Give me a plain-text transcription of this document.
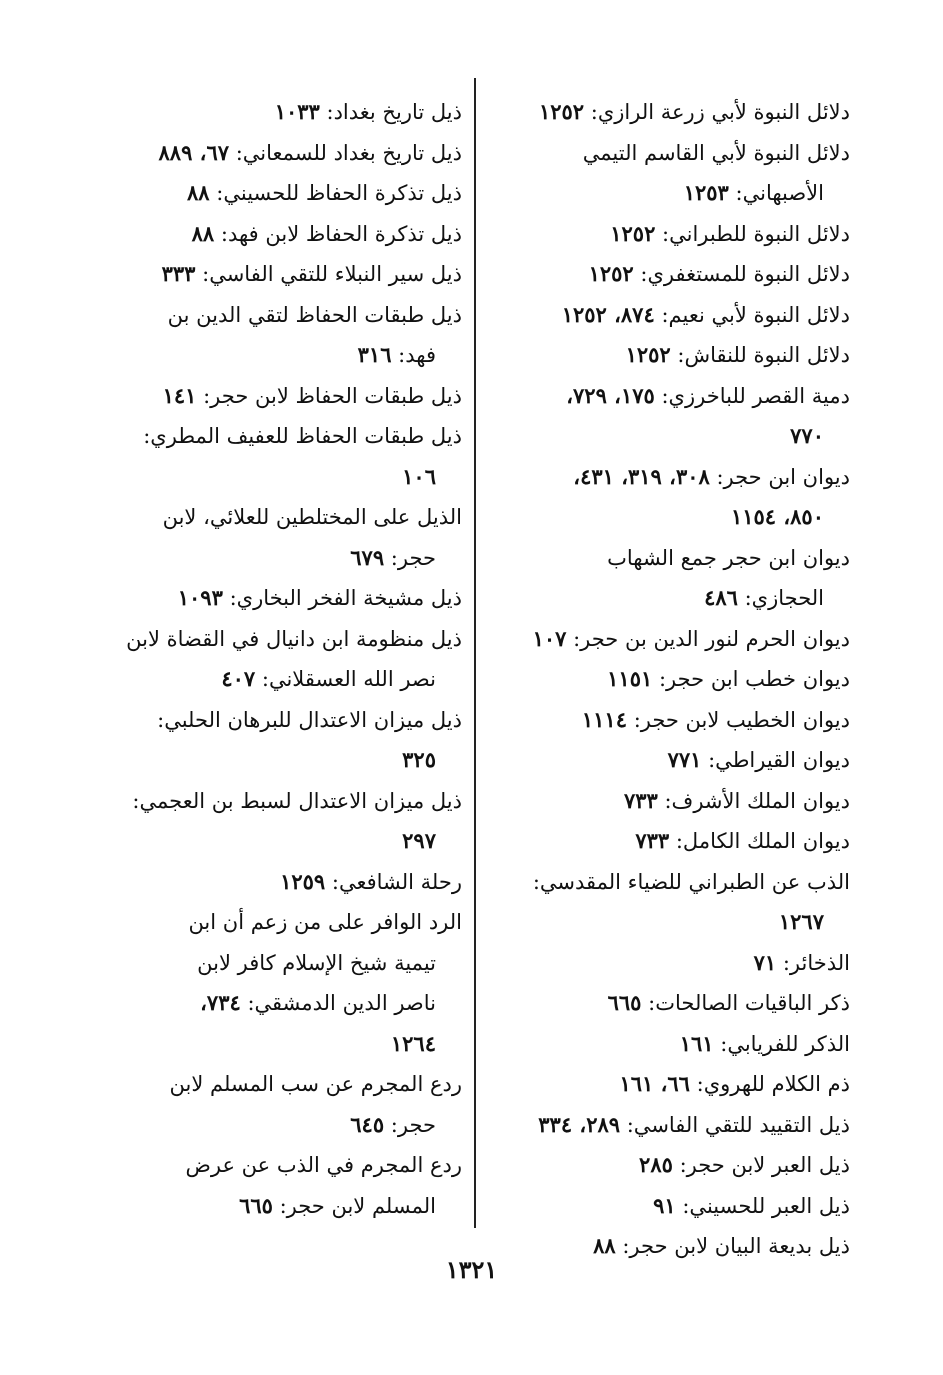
دلائل النبوة لأبي زرعة الرازي: ١٢٥٢

دلائل النبوة لأبي القاسم التيمي

الأصبهاني: ١٢٥٣

دلائل النبوة للطبراني: ١٢٥٢

دلائل النبوة للمستغفري: ١٢٥٢

دلائل النبوة لأبي نعيم: ٨٧٤، ١٢٥٢

دلائل النبوة للنقاش: ١٢٥٢

دمية القصر للباخرزي: ١٧٥، ٧٢٩،

٧٧٠

ديوان ابن حجر: ٣٠٨، ٣١٩، ٤٣١،

٨٥٠، ١١٥٤

ديوان ابن حجر جمع الشهاب

الحجازي: ٤٨٦

ديوان الحرم لنور الدين بن حجر: ١٠٧

ديوان خطب ابن حجر: ١١٥١

ديوان الخطيب لابن حجر: ١١١٤

ديوان القيراطي: ٧٧١

ديوان الملك الأشرف: ٧٣٣

ديوان الملك الكامل: ٧٣٣

الذب عن الطبراني للضياء المقدسي:

١٢٦٧

الذخائر: ٧١

ذكر الباقيات الصالحات: ٦٦٥

الذكر للفريابي: ١٦١

ذم الكلام للهروي: ٦٦، ١٦١

ذيل التقييد للتقي الفاسي: ٢٨٩، ٣٣٤

ذيل العبر لابن حجر: ٢٨٥

ذيل العبر للحسيني: ٩١

ذيل بديعة البيان لابن حجر: ٨٨

ذيل تاريخ بغداد: ١٠٣٣

ذيل تاريخ بغداد للسمعاني: ٦٧، ٨٨٩

ذيل تذكرة الحفاظ للحسيني: ٨٨

ذيل تذكرة الحفاظ لابن فهد: ٨٨

ذيل سير النبلاء للتقي الفاسي: ٣٣٣

ذيل طبقات الحفاظ لتقي الدين بن

فهد: ٣١٦

ذيل طبقات الحفاظ لابن حجر: ١٤١

ذيل طبقات الحفاظ للعفيف المطري:

١٠٦

الذيل على المختلطين للعلائي، لابن

حجر: ٦٧٩

ذيل مشيخة الفخر البخاري: ١٠٩٣

ذيل منظومة ابن دانيال في القضاة لابن

نصر الله العسقلاني: ٤٠٧

ذيل ميزان الاعتدال للبرهان الحلبي:

٣٢٥

ذيل ميزان الاعتدال لسبط بن العجمي:

٢٩٧

رحلة الشافعي: ١٢٥٩

الرد الوافر على من زعم أن ابن

تيمية شيخ الإسلام كافر لابن

ناصر الدين الدمشقي: ٧٣٤،

١٢٦٤

ردع المجرم عن سب المسلم لابن

حجر: ٦٤٥

ردع المجرم في الذب عن عرض

المسلم لابن حجر: ٦٦٥

١٣٢١
